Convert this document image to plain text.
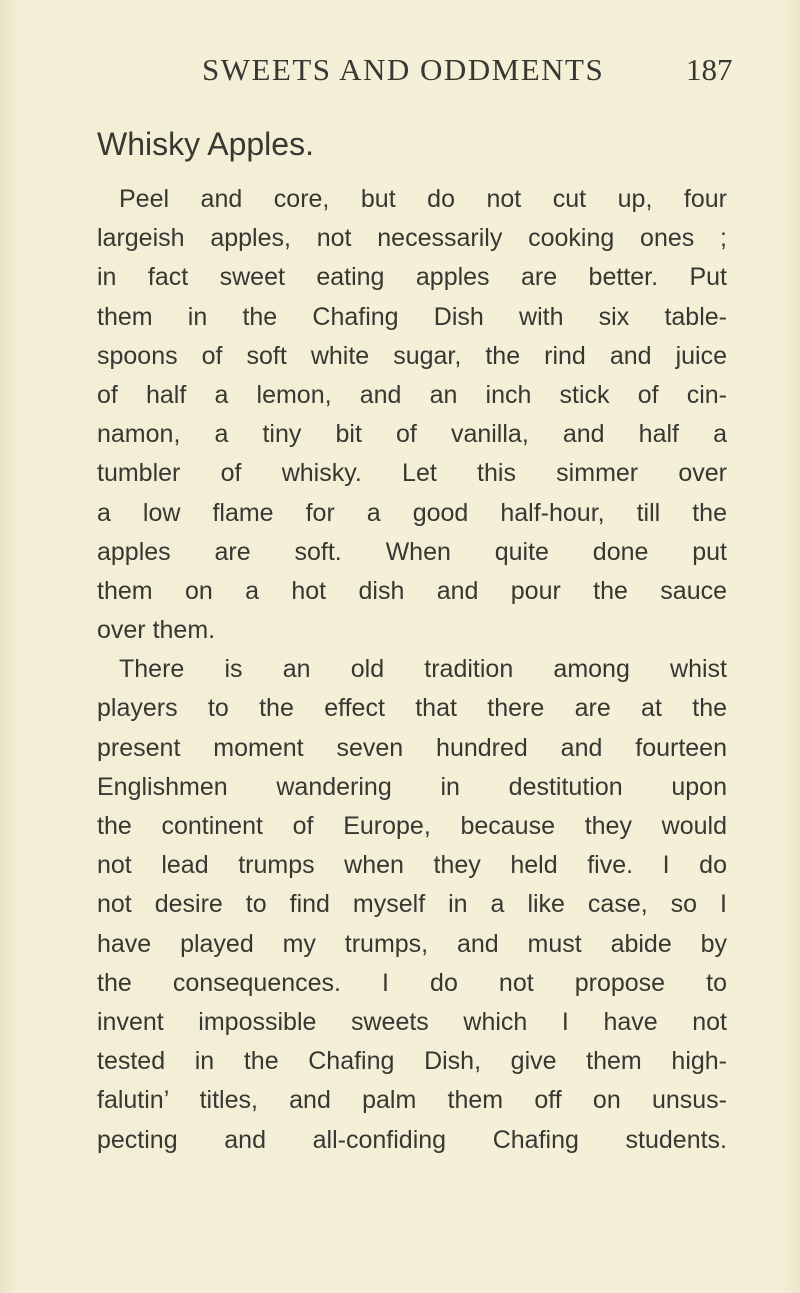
SWEETS AND ODDMENTS	187
Whisky Apples.
Peel and core, but do not cut up, four
largeish apples, not necessarily cooking ones ;
in fact sweet eating apples are better. Put
them in the Chafing Dish with six table-
spoons of soft white sugar, the rind and juice
of half a lemon, and an inch stick of cin-
namon, a tiny bit of vanilla, and half a
tumbler of whisky. Let this simmer over
a low flame for a good half-hour, till the
apples are soft. When quite done put
them on a hot dish and pour the sauce
over them.
There is an old tradition among whist
players to the effect that there are at the
present moment seven hundred and fourteen
Englishmen wandering in destitution upon
the continent of Europe, because they would
not lead trumps when they held five. I do
not desire to find myself in a like case, so I
have played my trumps, and must abide by
the consequences. I do not propose to
invent impossible sweets which I have not
tested in the Chafing Dish, give them high-
falutin’ titles, and palm them off on unsus-
pecting and all-confiding Chafing students.
